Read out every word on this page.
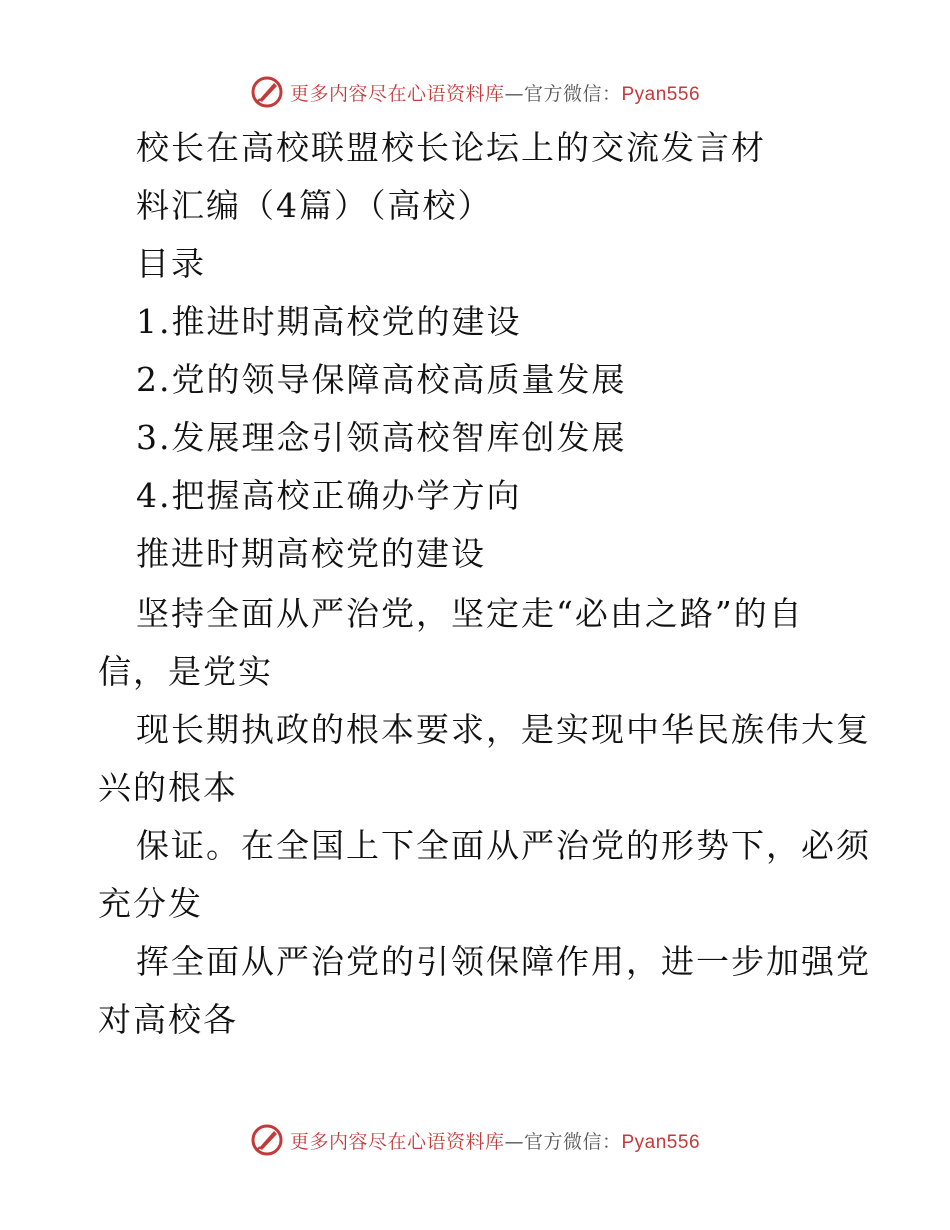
更多内容尽在心语资料库—官方微信：Pyan556
校长在高校联盟校长论坛上的交流发言材
料汇编（4篇）（高校）
目录
1.推进时期高校党的建设
2.党的领导保障高校高质量发展
3.发展理念引领高校智库创发展
4.把握高校正确办学方向
推进时期高校党的建设
坚持全面从严治党，坚定走“必由之路”的自
信，是党实
现长期执政的根本要求，是实现中华民族伟大复
兴的根本
保证。在全国上下全面从严治党的形势下，必须
充分发
挥全面从严治党的引领保障作用，进一步加强党
对高校各
更多内容尽在心语资料库—官方微信：Pyan556
